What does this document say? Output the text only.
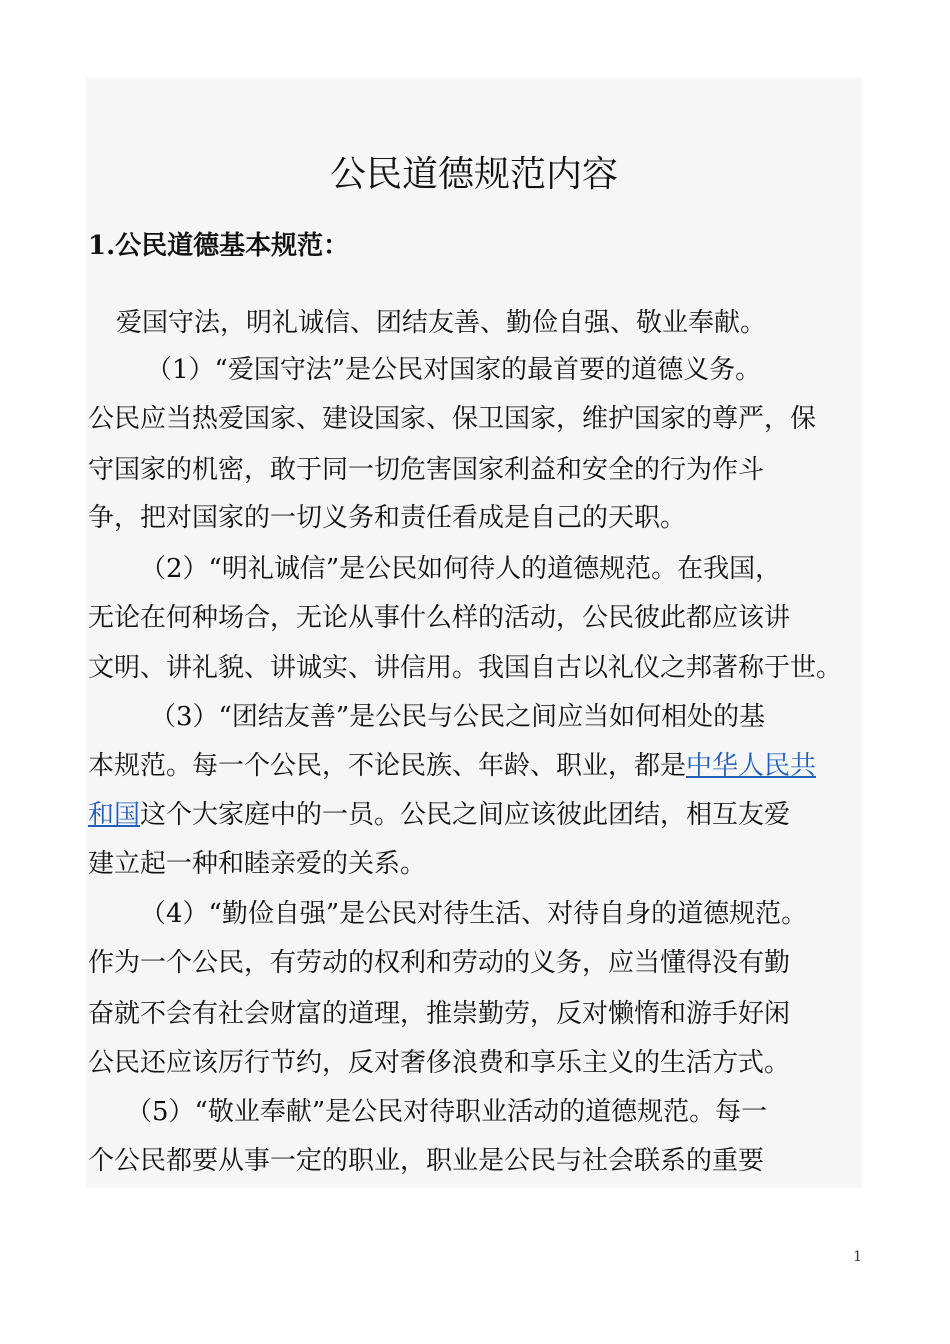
公民道德规范内容
1.公民道德基本规范：

爱国守法，明礼诚信、团结友善、勤俭自强、敬业奉献。

（1）“爱国守法”是公民对国家的最首要的道德义务。

公民应当热爱国家、建设国家、保卫国家，维护国家的尊严，保

守国家的机密，敢于同一切危害国家利益和安全的行为作斗

争，把对国家的一切义务和责任看成是自己的天职。

（2）“明礼诚信”是公民如何待人的道德规范。在我国，

无论在何种场合，无论从事什么样的活动，公民彼此都应该讲

文明、讲礼貌、讲诚实、讲信用。我国自古以礼仪之邦著称于世。

（3）“团结友善”是公民与公民之间应当如何相处的基

本规范。每一个公民，不论民族、年龄、职业，都是中华人民共

和国这个大家庭中的一员。公民之间应该彼此团结，相互友爱

建立起一种和睦亲爱的关系。

（4）“勤俭自强”是公民对待生活、对待自身的道德规范。

作为一个公民，有劳动的权利和劳动的义务，应当懂得没有勤

奋就不会有社会财富的道理，推崇勤劳，反对懒惰和游手好闲

公民还应该厉行节约，反对奢侈浪费和享乐主义的生活方式。

（5）“敬业奉献”是公民对待职业活动的道德规范。每一

个公民都要从事一定的职业，职业是公民与社会联系的重要

1
